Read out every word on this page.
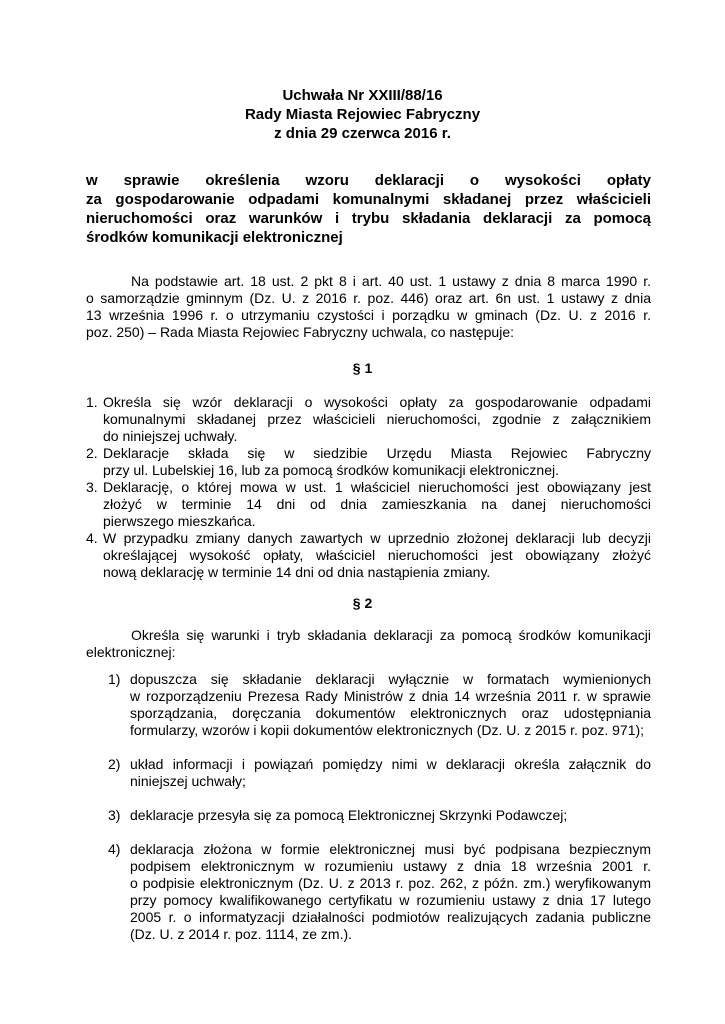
Uchwała Nr XXIII/88/16
Rady Miasta Rejowiec Fabryczny
z dnia 29 czerwca 2016 r.
w sprawie określenia wzoru deklaracji o wysokości opłaty
za gospodarowanie odpadami komunalnymi składanej przez właścicieli
nieruchomości oraz warunków i trybu składania deklaracji za pomocą
środków komunikacji elektronicznej
Na podstawie art. 18 ust. 2 pkt 8 i art. 40 ust. 1 ustawy z dnia 8 marca 1990 r.
o samorządzie gminnym (Dz. U. z 2016 r. poz. 446) oraz art. 6n ust. 1 ustawy z dnia
13 września 1996 r. o utrzymaniu czystości i porządku w gminach (Dz. U. z 2016 r.
poz. 250) – Rada Miasta Rejowiec Fabryczny uchwala, co następuje:
§ 1
1. Określa się wzór deklaracji o wysokości opłaty za gospodarowanie odpadami
komunalnymi składanej przez właścicieli nieruchomości, zgodnie z załącznikiem
do niniejszej uchwały.
2. Deklaracje składa się w siedzibie Urzędu Miasta Rejowiec Fabryczny
przy ul. Lubelskiej 16, lub za pomocą środków komunikacji elektronicznej.
3. Deklarację, o której mowa w ust. 1 właściciel nieruchomości jest obowiązany jest
złożyć w terminie 14 dni od dnia zamieszkania na danej nieruchomości
pierwszego mieszkańca.
4. W przypadku zmiany danych zawartych w uprzednio złożonej deklaracji lub decyzji
określającej wysokość opłaty, właściciel nieruchomości jest obowiązany złożyć
nową deklarację w terminie 14 dni od dnia nastąpienia zmiany.
§ 2
Określa się warunki i tryb składania deklaracji za pomocą środków komunikacji
elektronicznej:
1) dopuszcza się składanie deklaracji wyłącznie w formatach wymienionych
w rozporządzeniu Prezesa Rady Ministrów z dnia 14 września 2011 r. w sprawie
sporządzania, doręczania dokumentów elektronicznych oraz udostępniania
formularzy, wzorów i kopii dokumentów elektronicznych (Dz. U. z 2015 r. poz. 971);
2) układ informacji i powiązań pomiędzy nimi w deklaracji określa załącznik do
niniejszej uchwały;
3) deklaracje przesyła się za pomocą Elektronicznej Skrzynki Podawczej;
4) deklaracja złożona w formie elektronicznej musi być podpisana bezpiecznym
podpisem elektronicznym w rozumieniu ustawy z dnia 18 września 2001 r.
o podpisie elektronicznym (Dz. U. z 2013 r. poz. 262, z późn. zm.) weryfikowanym
przy pomocy kwalifikowanego certyfikatu w rozumieniu ustawy z dnia 17 lutego
2005 r. o informatyzacji działalności podmiotów realizujących zadania publiczne
(Dz. U. z 2014 r. poz. 1114, ze zm.).
